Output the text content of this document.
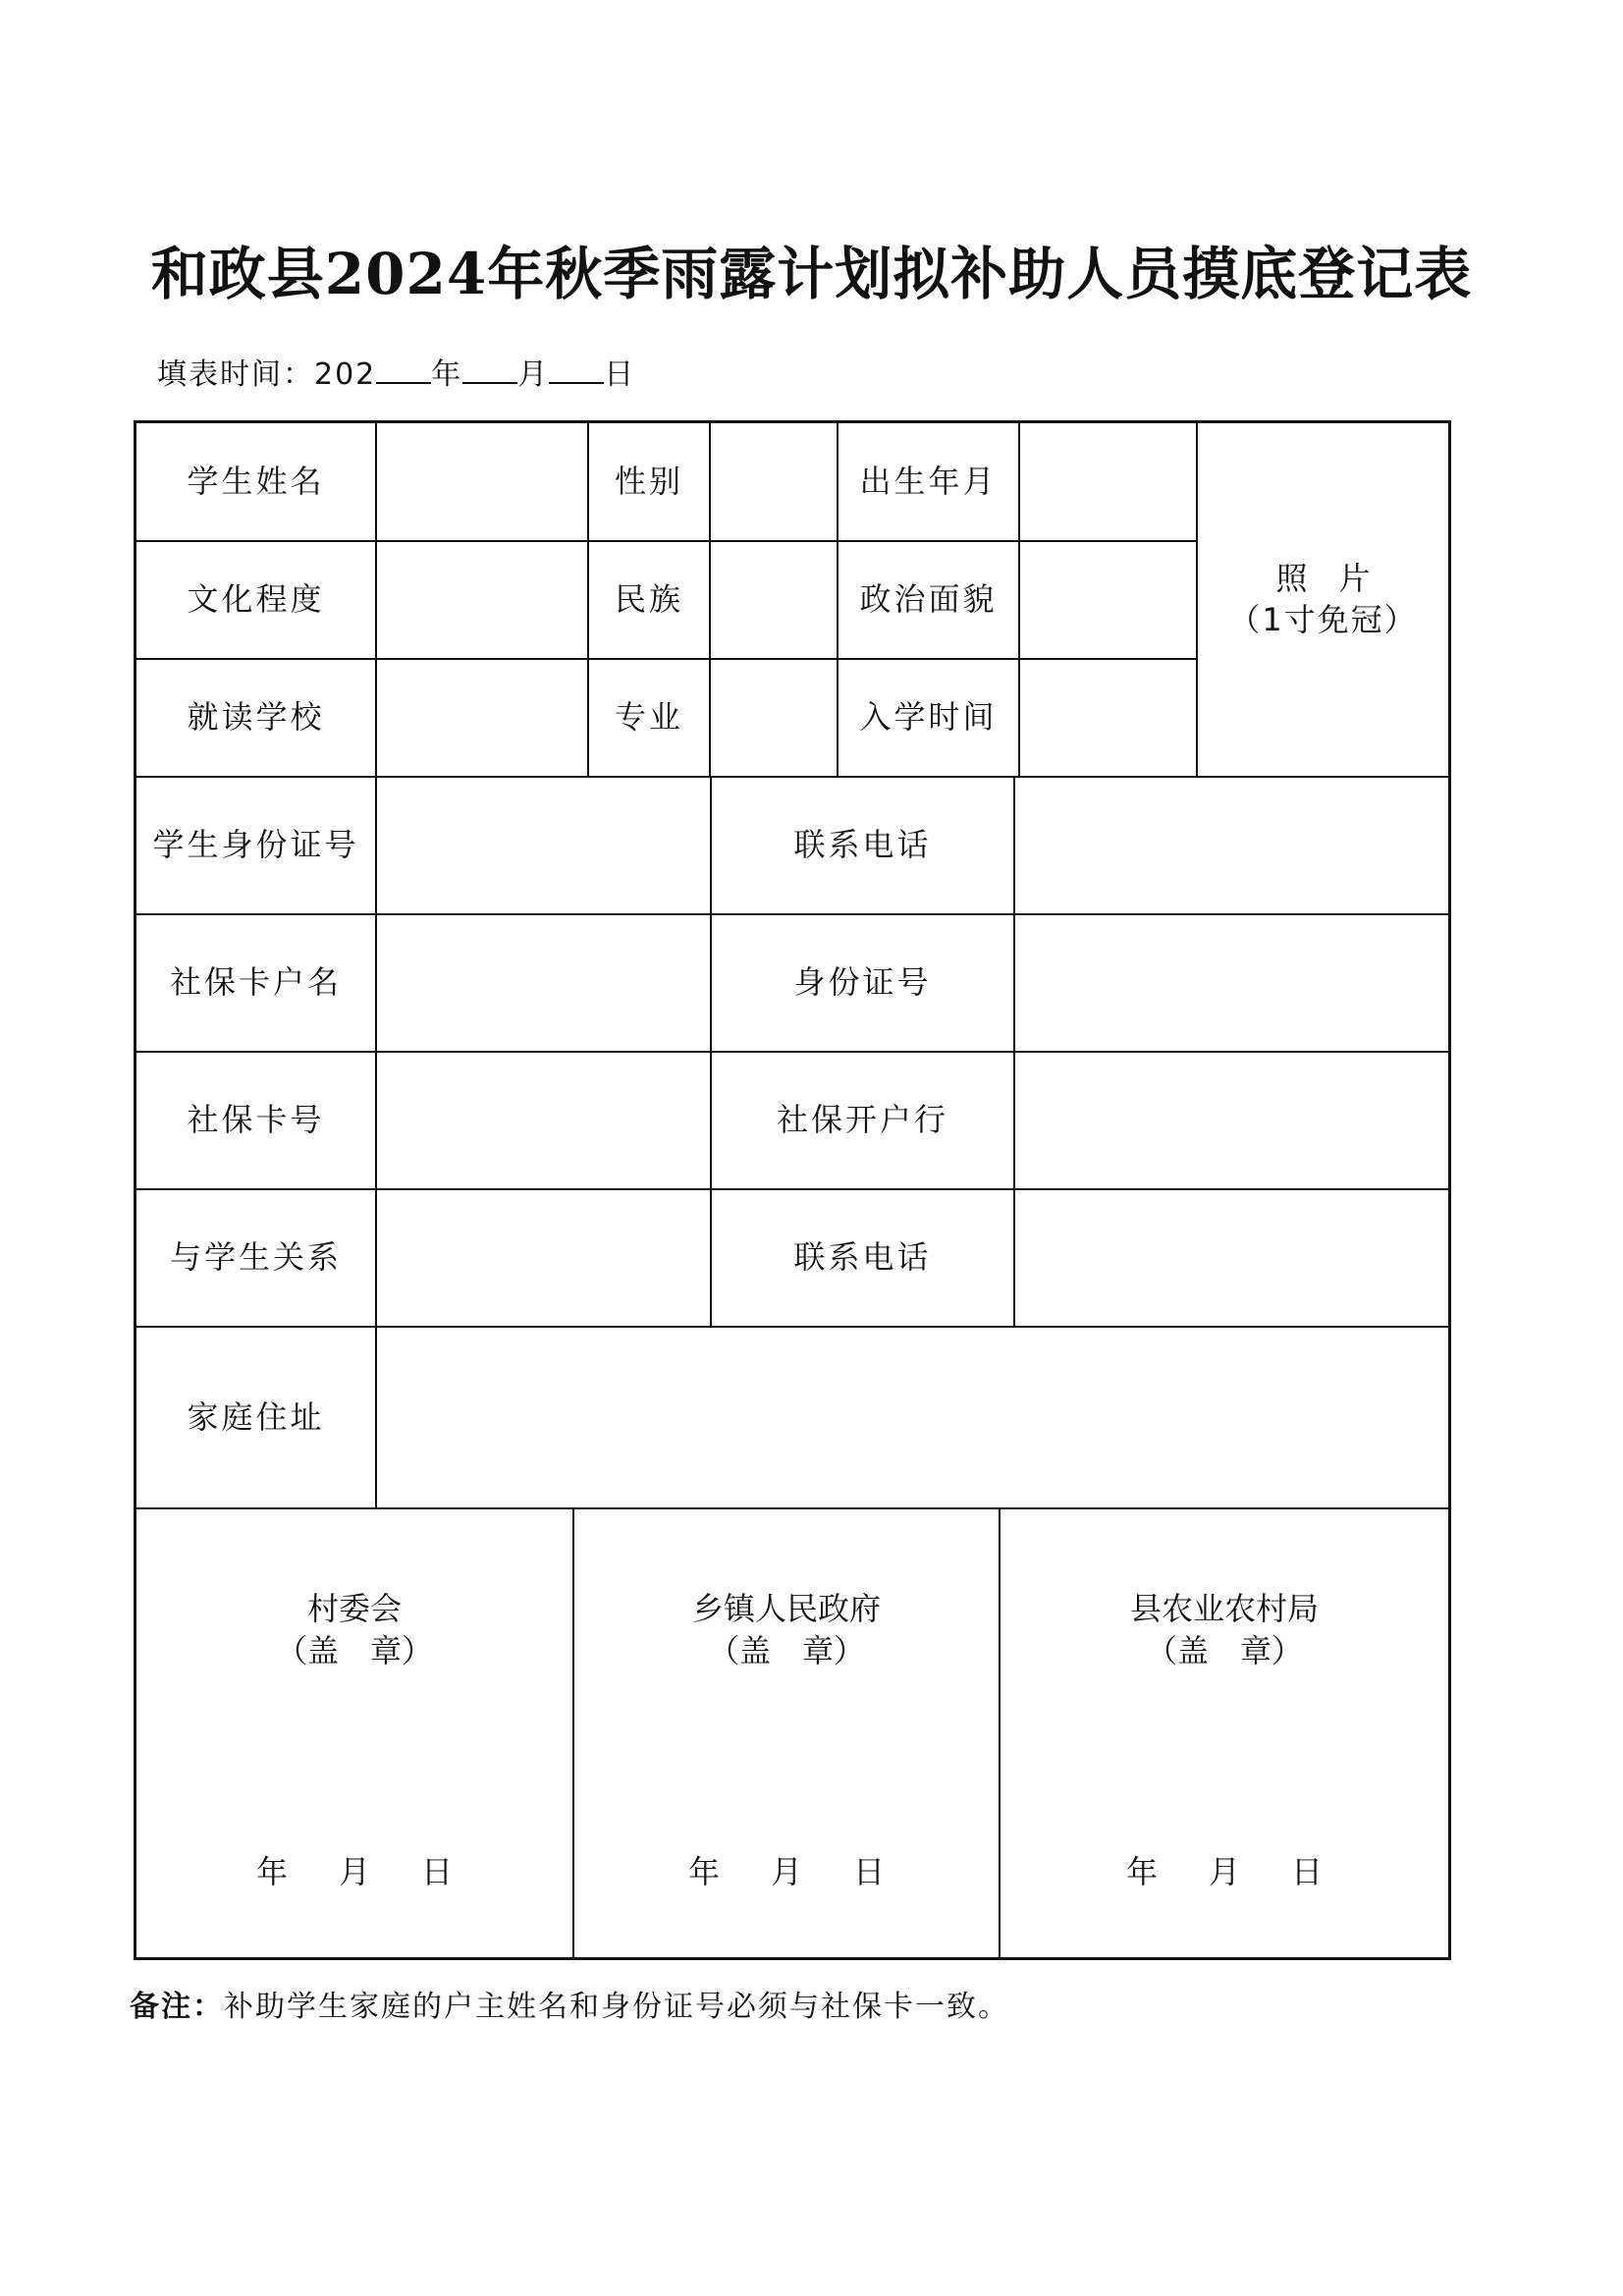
和政县2024年秋季雨露计划拟补助人员摸底登记表
填表时间：202 年 月 日
学生姓名	性别	出生年月
文化程度	民族	政治面貌
就读学校	专业	入学时间
照片
（1寸免冠）
学生身份证号	联系电话
社保卡户名	身份证号
社保卡号	社保开户行
与学生关系	联系电话
家庭住址
村委会
（盖　章）
年 月 日
乡镇人民政府
（盖　章）
年 月 日
县农业农村局
（盖　章）
年 月 日
备注：补助学生家庭的户主姓名和身份证号必须与社保卡一致。
